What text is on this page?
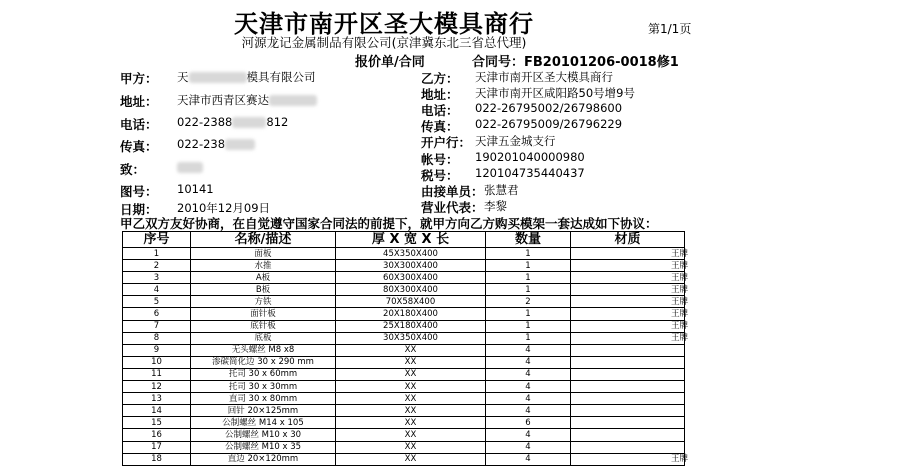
天津市南开区圣大模具商行
河源龙记金属制品有限公司(京津冀东北三省总代理)
第1/1页
报价单/合同	合同号：FB20101206-0018修1
甲方： 天	模具有限公司
地址： 天津市西青区赛达
电话： 022-2388	812
传真： 022-238
致：
图号： 10141
日期： 2010年12月09日
乙方： 天津市南开区圣大模具商行
地址： 天津市南开区咸阳路50号增9号
电话： 022-26795002/26798600
传真： 022-26795009/26796229
开户行： 天津五金城支行
帐号： 190201040000980
税号： 120104735440437
由接单员： 张慧君
营业代表： 李黎
甲乙双方友好协商，在自觉遵守国家合同法的前提下，就甲方向乙方购买模架一套达成如下协议：
序号	名称/描述	厚 X 宽 X 长	数量	材质
1	面板	45X350X400	1	王牌
2	水推	30X300X400	1	王牌
3	A板	60X300X400	1	王牌
4	B板	80X300X400	1	王牌
5	方铁	70X58X400	2	王牌
6	面针板	20X180X400	1	王牌
7	底针板	25X180X400	1	王牌
8	底板	30X350X400	1	王牌
9	无头螺丝 M8 x8	XX	4	
10	渗碳简化边 30 x 290 mm	XX	4	
11	托司 30 x 60mm	XX	4	
12	托司 30 x 30mm	XX	4	
13	直司 30 x 80mm	XX	4	
14	回针 20×125mm	XX	4	
15	公制螺丝 M14 x 105	XX	6	
16	公制螺丝 M10 x 30	XX	4	
17	公制螺丝 M10 x 35	XX	4	
18	直边 20×120mm	XX	4	王牌
